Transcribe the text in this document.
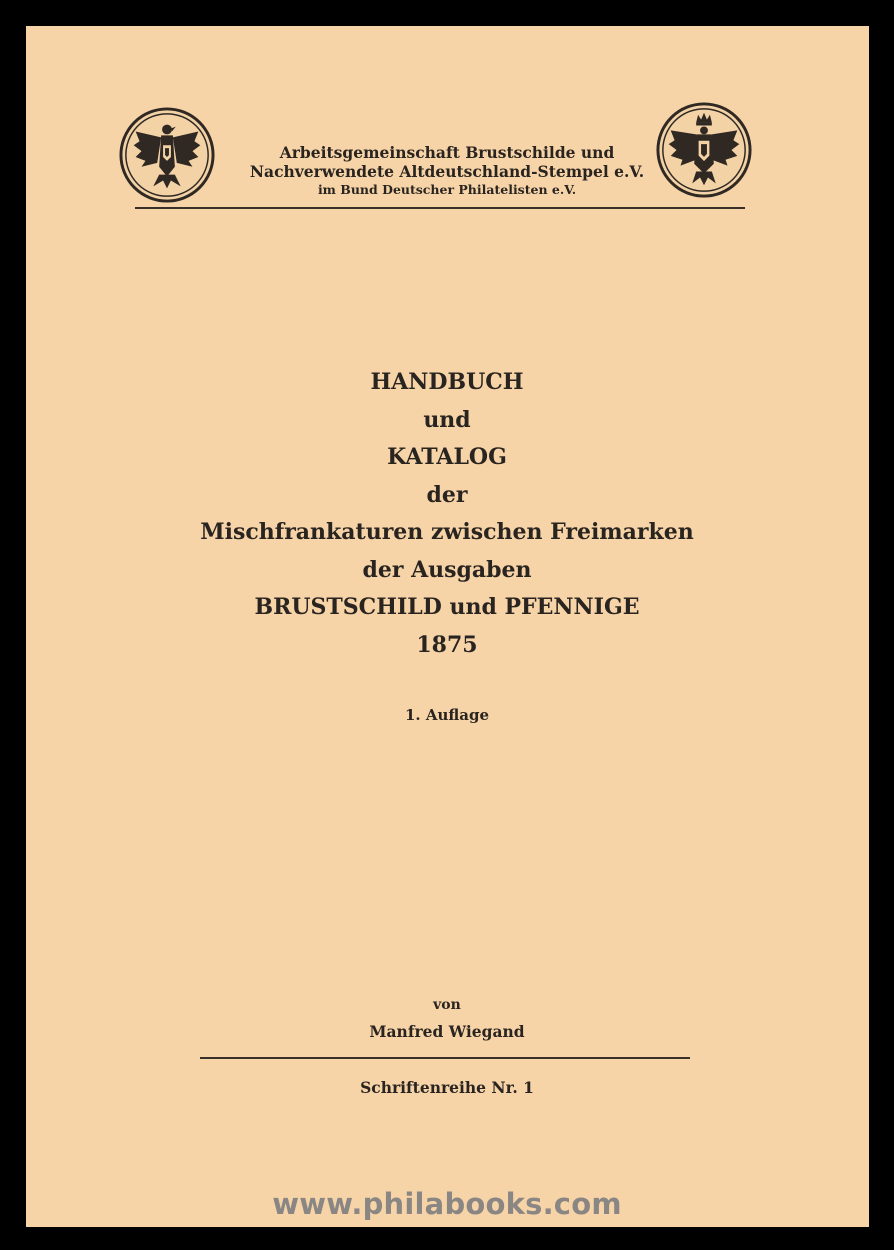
Arbeitsgemeinschaft Brustschilde und
Nachverwendete Altdeutschland-Stempel e.V.
im Bund Deutscher Philatelisten e.V.
HANDBUCH
und
KATALOG
der
Mischfrankaturen zwischen Freimarken
der Ausgaben
BRUSTSCHILD und PFENNIGE
1875
1. Auflage
von
Manfred Wiegand
Schriftenreihe Nr. 1
www.philabooks.com
